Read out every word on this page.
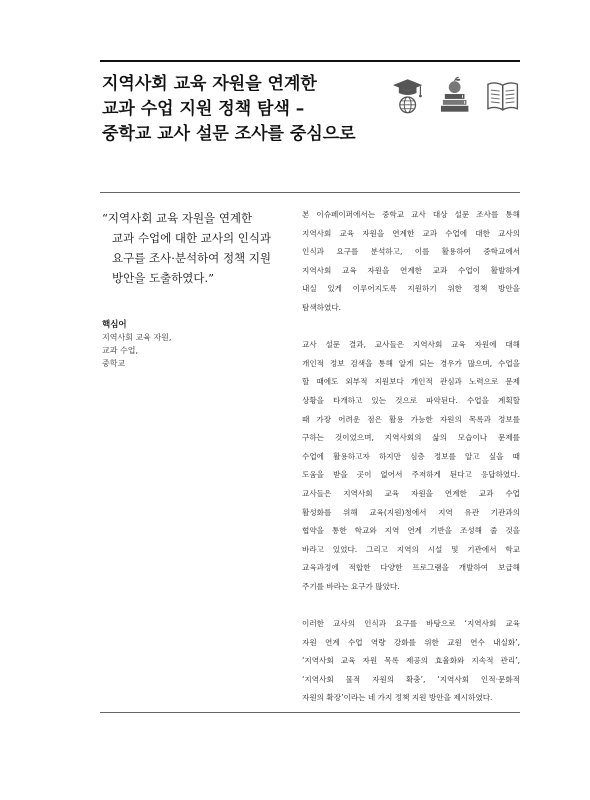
지역사회 교육 자원을 연계한
교과 수업 지원 정책 탐색 –
중학교 교사 설문 조사를 중심으로
“지역사회 교육 자원을 연계한
교과 수업에 대한 교사의 인식과
요구를 조사·분석하여 정책 지원
방안을 도출하였다.”
핵심어
지역사회 교육 자원,
교과 수업,
중학교
본 이슈페이퍼에서는 중학교 교사 대상 설문 조사를 통해
지역사회 교육 자원을 연계한 교과 수업에 대한 교사의
인식과 요구를 분석하고, 이를 활용하여 중학교에서
지역사회 교육 자원을 연계한 교과 수업이 활발하게
내실 있게 이루어지도록 지원하기 위한 정책 방안을
탐색하였다.
교사 설문 결과, 교사들은 지역사회 교육 자원에 대해
개인적 정보 검색을 통해 알게 되는 경우가 많으며, 수업을
할 때에도 외부적 지원보다 개인적 관심과 노력으로 문제
상황을 타개하고 있는 것으로 파악된다. 수업을 계획할
때 가장 어려운 점은 활용 가능한 자원의 목록과 정보를
구하는 것이었으며, 지역사회의 삶의 모습이나 문제를
수업에 활용하고자 하지만 심층 정보를 알고 싶을 때
도움을 받을 곳이 없어서 주저하게 된다고 응답하였다.
교사들은 지역사회 교육 자원을 연계한 교과 수업
활성화를 위해 교육(지원)청에서 지역 유관 기관과의
협약을 통한 학교와 지역 연계 기반을 조성해 줄 것을
바라고 있었다. 그리고 지역의 시설 및 기관에서 학교
교육과정에 적합한 다양한 프로그램을 개발하여 보급해
주기를 바라는 요구가 많았다.
이러한 교사의 인식과 요구를 바탕으로 ‘지역사회 교육
자원 연계 수업 역량 강화를 위한 교원 연수 내실화’,
‘지역사회 교육 자원 목록 제공의 효율화와 지속적 관리’,
‘지역사회 물적 자원의 확충’, ‘지역사회 인적·문화적
자원의 확장’이라는 네 가지 정책 지원 방안을 제시하였다.
